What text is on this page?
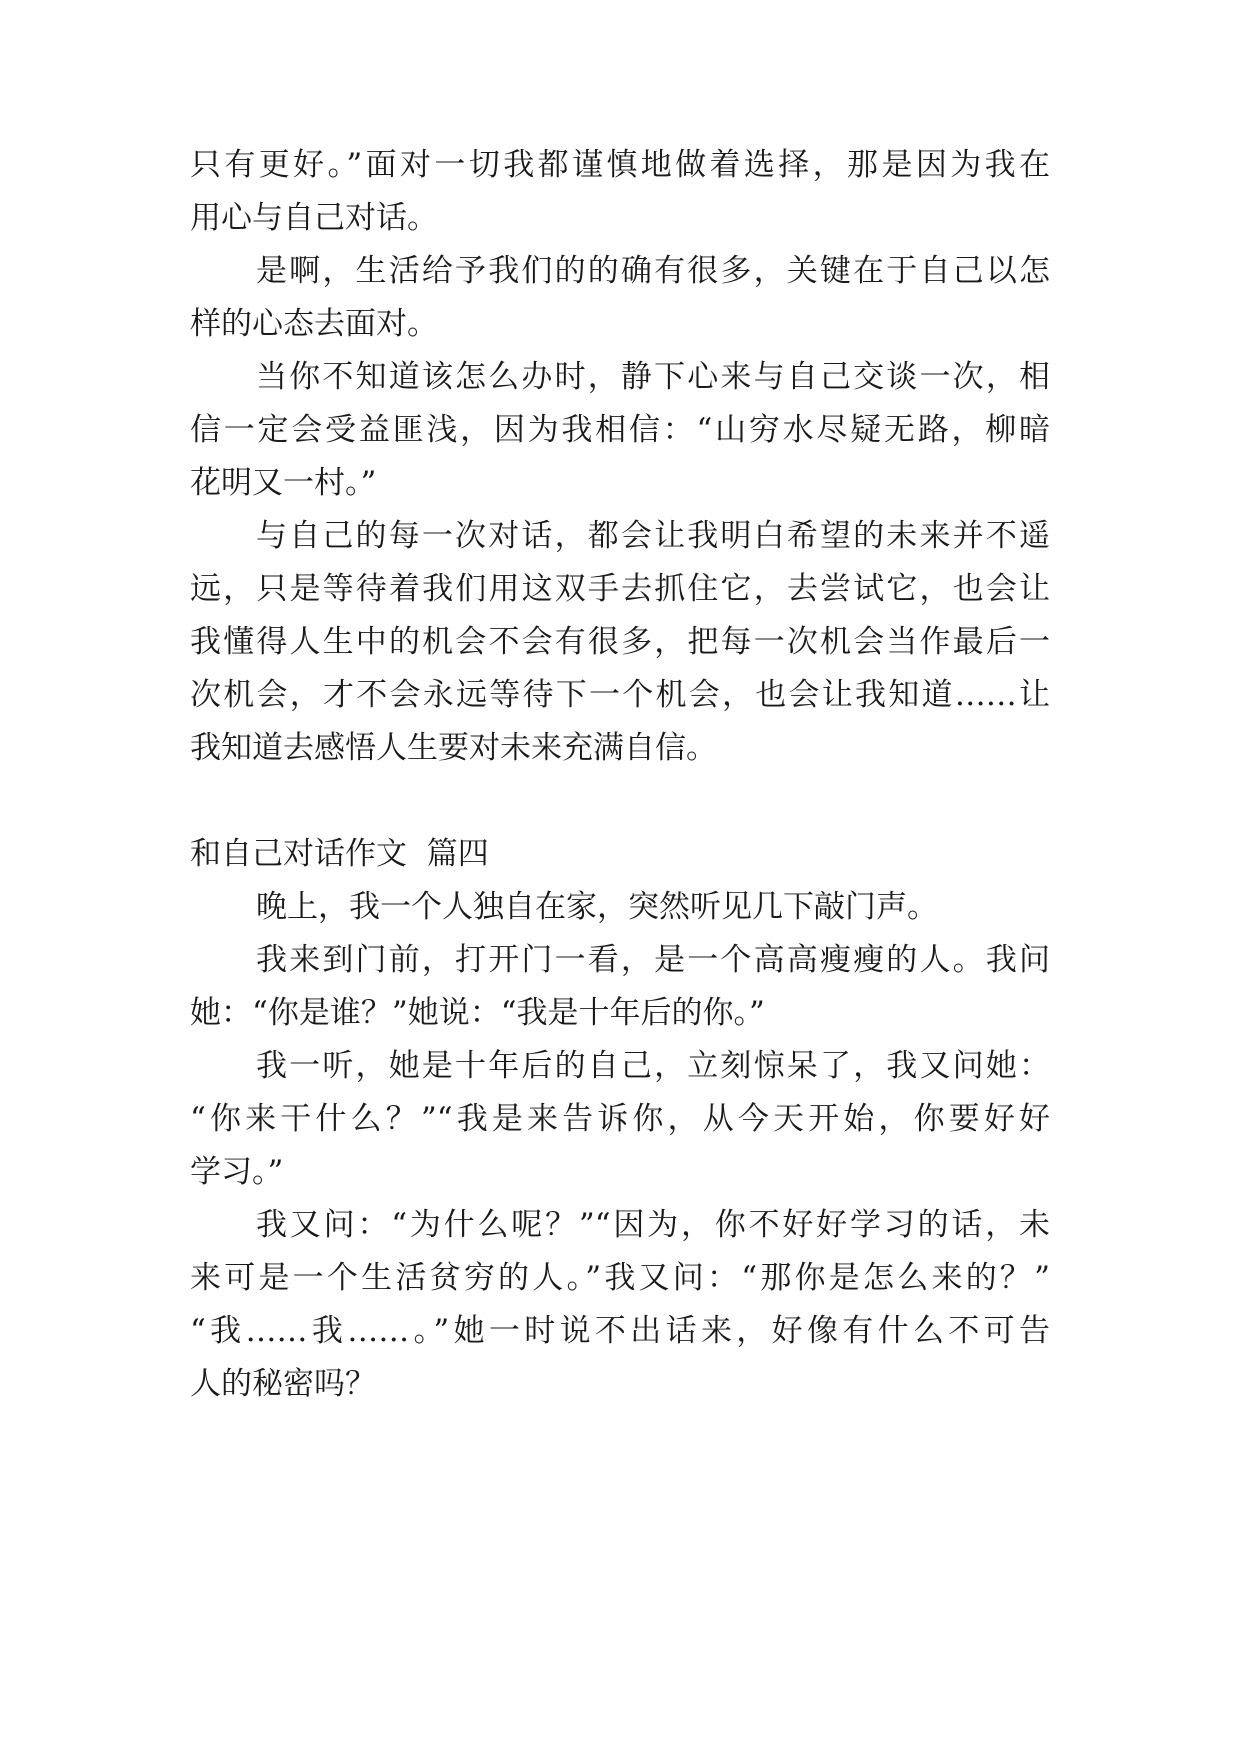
只有更好。”面对一切我都谨慎地做着选择，那是因为我在
用心与自己对话。
是啊，生活给予我们的的确有很多，关键在于自己以怎
样的心态去面对。
当你不知道该怎么办时，静下心来与自己交谈一次，相
信一定会受益匪浅，因为我相信：“山穷水尽疑无路，柳暗
花明又一村。”
与自己的每一次对话，都会让我明白希望的未来并不遥
远，只是等待着我们用这双手去抓住它，去尝试它，也会让
我懂得人生中的机会不会有很多，把每一次机会当作最后一
次机会，才不会永远等待下一个机会，也会让我知道……让
我知道去感悟人生要对未来充满自信。
和自己对话作文  篇四
晚上，我一个人独自在家，突然听见几下敲门声。
我来到门前，打开门一看，是一个高高瘦瘦的人。我问
她：“你是谁？”她说：“我是十年后的你。”
我一听，她是十年后的自己，立刻惊呆了，我又问她：
“你来干什么？”“我是来告诉你，从今天开始，你要好好
学习。”
我又问：“为什么呢？”“因为，你不好好学习的话，未
来可是一个生活贫穷的人。”我又问：“那你是怎么来的？”
“我……我……。”她一时说不出话来，好像有什么不可告
人的秘密吗？
